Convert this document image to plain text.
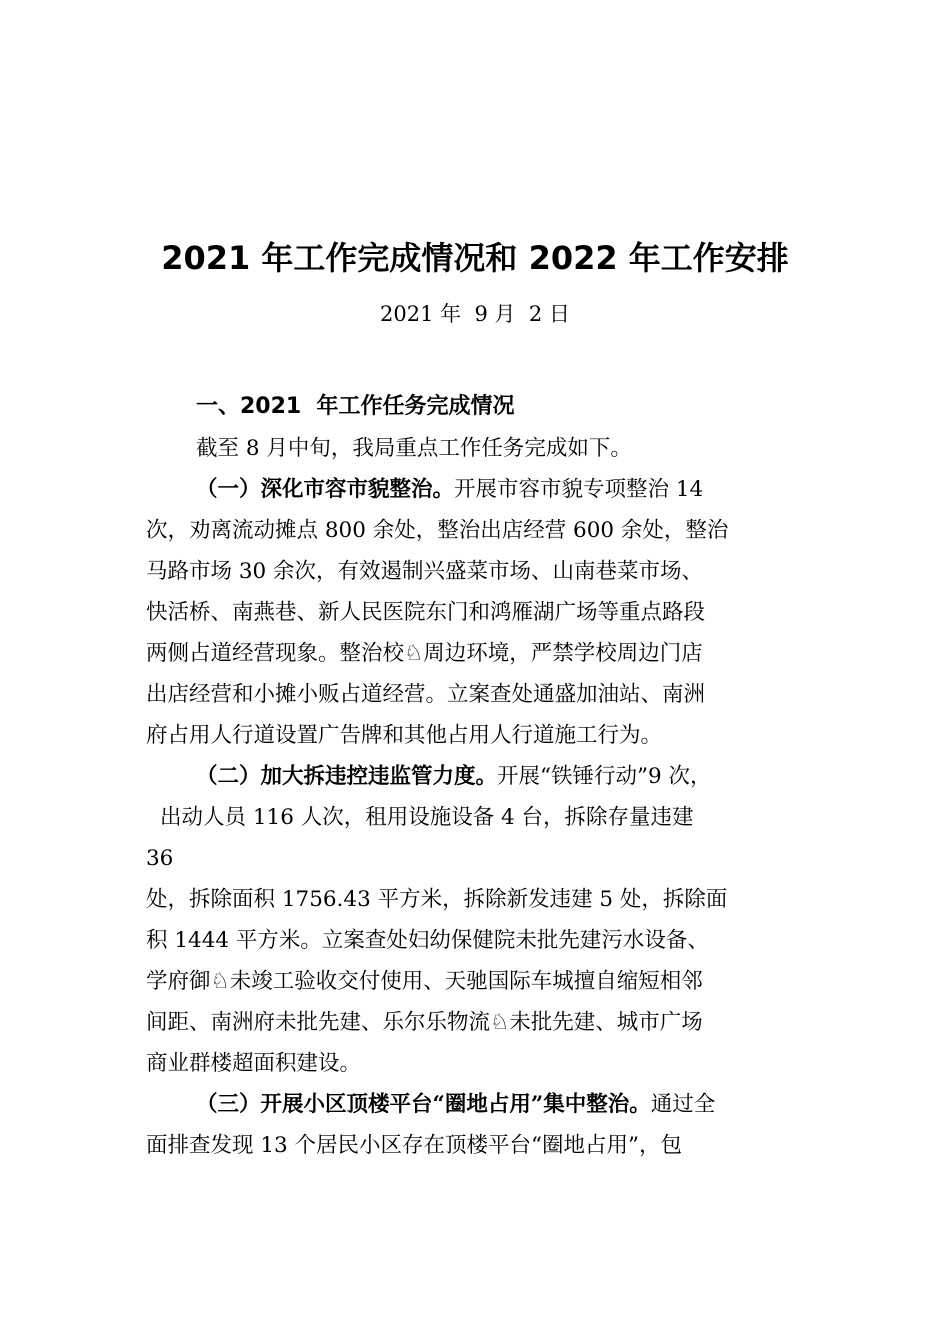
2021 年工作完成情况和 2022 年工作安排
2021 年  9 月  2 日
一、2021  年工作任务完成情况
截至 8 月中旬，我局重点工作任务完成如下。
（一）深化市容市貌整治。开展市容市貌专项整治 14
次，劝离流动摊点 800 余处，整治出店经营 600 余处，整治
马路市场 30 余次，有效遏制兴盛菜市场、山南巷菜市场、
快活桥、南燕巷、新人民医院东门和鸿雁湖广场等重点路段
两侧占道经营现象。整治校♘周边环境，严禁学校周边门店
出店经营和小摊小贩占道经营。立案查处通盛加油站、南洲
府占用人行道设置广告牌和其他占用人行道施工行为。
（二）加大拆违控违监管力度。开展“铁锤行动”9 次，
出动人员 116 人次，租用设施设备 4 台，拆除存量违建
36
处，拆除面积 1756.43 平方米，拆除新发违建 5 处，拆除面
积 1444 平方米。立案查处妇幼保健院未批先建污水设备、
学府御♘未竣工验收交付使用、天驰国际车城擅自缩短相邻
间距、南洲府未批先建、乐尔乐物流♘未批先建、城市广场
商业群楼超面积建设。
（三）开展小区顶楼平台“圈地占用”集中整治。通过全
面排查发现 13 个居民小区存在顶楼平台“圈地占用”，包
